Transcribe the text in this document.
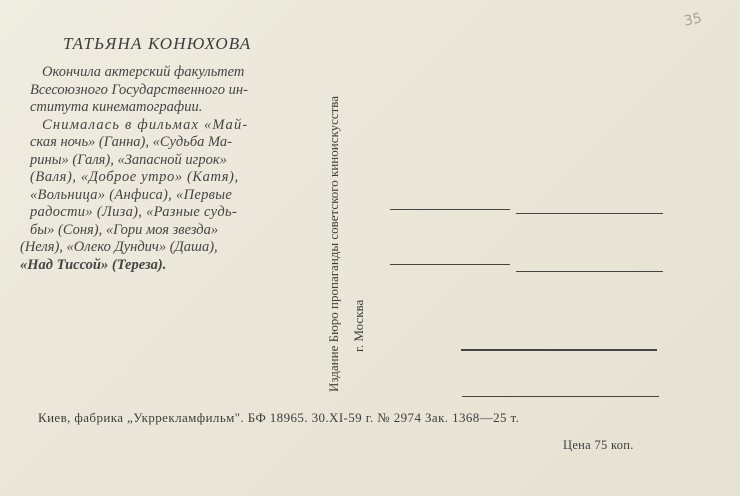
35
ТАТЬЯНА КОНЮХОВА
Окончила актерский факультет
Всесоюзного Государственного ин-
ститута кинематографии.
Снималась в фильмах «Май-
ская ночь» (Ганна), «Судьба Ма-
рины» (Галя), «Запасной игрок»
(Валя), «Доброе утро» (Катя),
«Вольница» (Анфиса), «Первые
радости» (Лиза), «Разные судь-
бы» (Соня), «Гори моя звезда»
(Неля), «Олеко Дундич» (Даша),
«Над Тиссой» (Тереза).	Издание Бюро пропаганды советского киноискусства г. Москва
Киев, фабрика „Укррекламфильм". БФ 18965. 30.XI-59 г. № 2974 Зак. 1368—25 т.
Цена 75 коп.
